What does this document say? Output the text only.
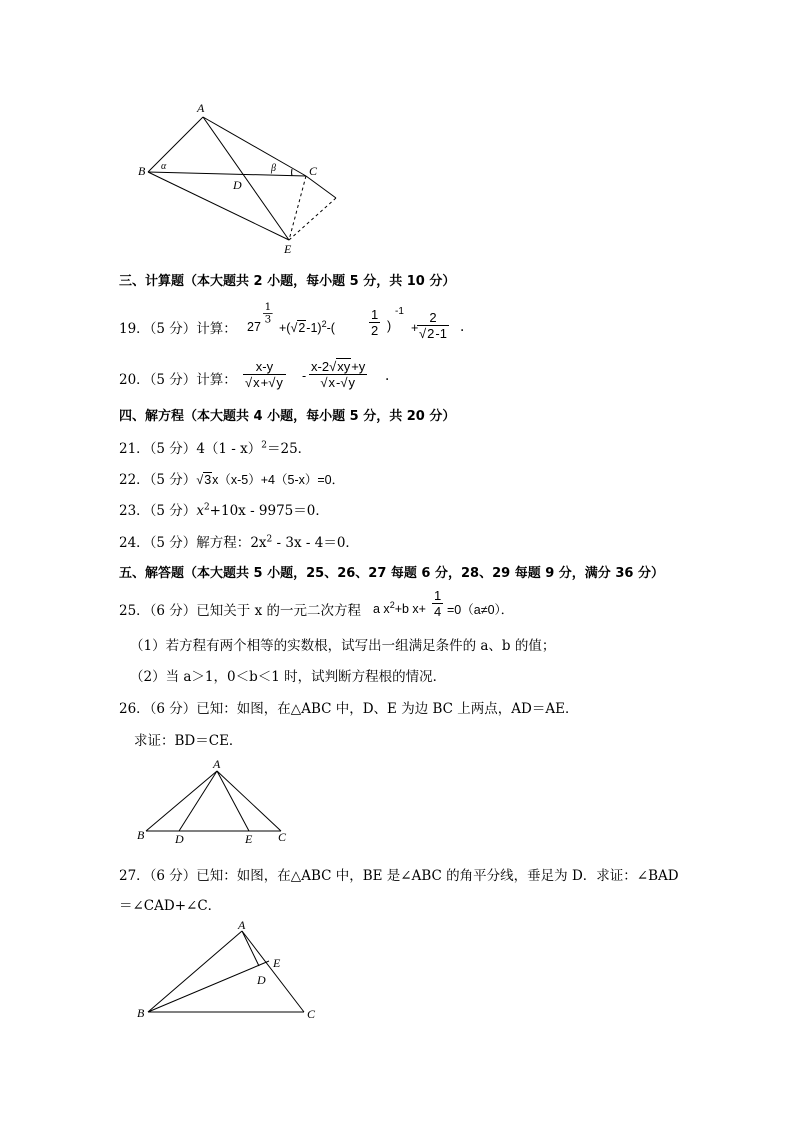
A
B	C
D
E
α	β
三、计算题（本大题共 2 小题，每小题 5 分，共 10 分）
19．（5 分）计算： 27
$\frac{1}{3}$
$+(√2-1)^2-$(	$\frac{1}{2}$ )
-1
+
$\frac{2}{√2-1}$ .
20．（5 分）计算： $\frac{x-y}{√x+√y} - \frac{x-2√xy+y}{√x-√y}$ .
四、解方程（本大题共 4 小题，每小题 5 分，共 20 分）
21．（5 分）4（1 - x）$^2$＝25．
22．（5 分）√3x（x-5）+4（5-x）=0．
23．（5 分）$x^2+10x - 9975=0$．
24．（5 分）解方程：$2x^2 - 3x - 4=0$．
五、解答题（本大题共 5 小题，25、26、27 每题 6 分，28、29 每题 9 分，满分 36 分）
25．（6 分）已知关于 x 的一元二次方程 a $x^2+b$ $x+ \frac{1}{4} =0(a\ne 0)$．
（1）若方程有两个相等的实数根，试写出一组满足条件的 a、b 的值；
（2）当 a＞1，0＜b＜1 时，试判断方程根的情况．
26．（6 分）已知：如图，在△ABC 中，D、E 为边 BC 上两点，AD＝AE．
求证：BD＝CE．
A
B	D	E C
27．（6 分）已知：如图，在△ABC 中，BE 是∠ABC 的角平分线，垂足为 D．求证：∠BAD
＝∠CAD+∠C．
A
E
D
B	C
